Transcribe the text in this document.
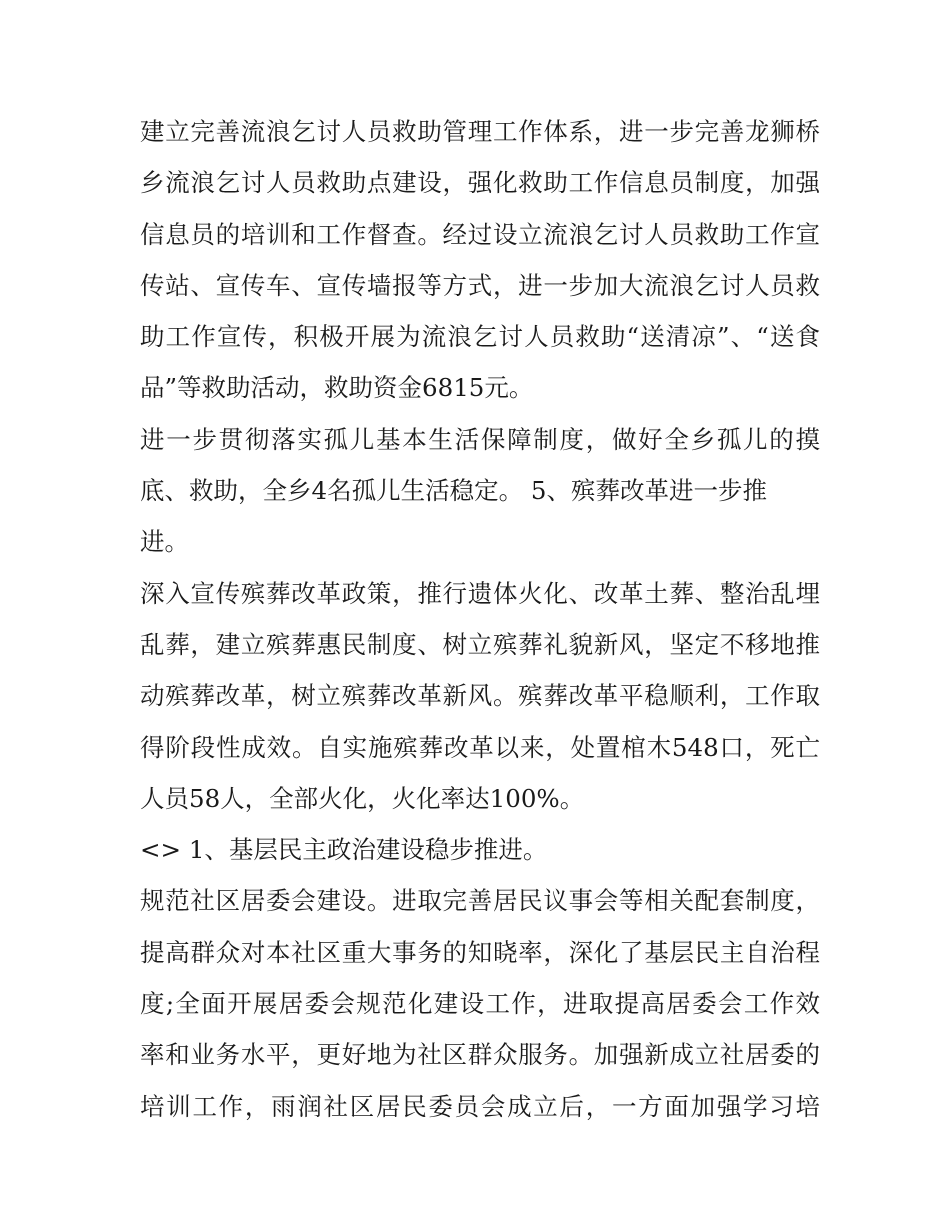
建立完善流浪乞讨人员救助管理工作体系，进一步完善龙狮桥
乡流浪乞讨人员救助点建设，强化救助工作信息员制度，加强
信息员的培训和工作督查。经过设立流浪乞讨人员救助工作宣
传站、宣传车、宣传墙报等方式，进一步加大流浪乞讨人员救
助工作宣传，积极开展为流浪乞讨人员救助“送清凉”、“送食
品”等救助活动，救助资金6815元。
进一步贯彻落实孤儿基本生活保障制度，做好全乡孤儿的摸
底、救助，全乡4名孤儿生活稳定。 5、殡葬改革进一步推
进。
深入宣传殡葬改革政策，推行遗体火化、改革土葬、整治乱埋
乱葬，建立殡葬惠民制度、树立殡葬礼貌新风，坚定不移地推
动殡葬改革，树立殡葬改革新风。殡葬改革平稳顺利，工作取
得阶段性成效。自实施殡葬改革以来，处置棺木548口，死亡
人员58人，全部火化，火化率达100%。
<> 1、基层民主政治建设稳步推进。
规范社区居委会建设。进取完善居民议事会等相关配套制度，
提高群众对本社区重大事务的知晓率，深化了基层民主自治程
度;全面开展居委会规范化建设工作，进取提高居委会工作效
率和业务水平，更好地为社区群众服务。加强新成立社居委的
培训工作，雨润社区居民委员会成立后，一方面加强学习培
